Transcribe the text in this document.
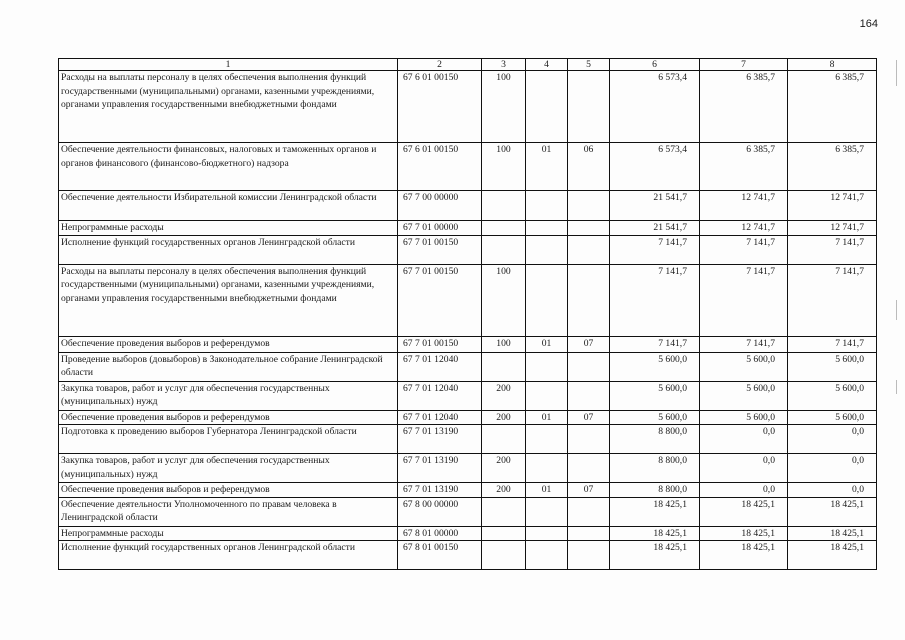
164
1	2	3	4	5	6	7	8
Расходы на выплаты персоналу в целях обеспечения выполнения функций государственными (муниципальными) органами, казенными учреждениями, органами управления государственными внебюджетными фондами	67 6 01 00150	100			6 573,4	6 385,7	6 385,7
Обеспечение деятельности финансовых, налоговых и таможенных органов и органов финансового (финансово-бюджетного) надзора	67 6 01 00150	100	01	06	6 573,4	6 385,7	6 385,7
Обеспечение деятельности Избирательной комиссии Ленинградской области	67 7 00 00000				21 541,7	12 741,7	12 741,7
Непрограммные расходы	67 7 01 00000				21 541,7	12 741,7	12 741,7
Исполнение функций государственных органов Ленинградской области	67 7 01 00150				7 141,7	7 141,7	7 141,7
Расходы на выплаты персоналу в целях обеспечения выполнения функций государственными (муниципальными) органами, казенными учреждениями, органами управления государственными внебюджетными фондами	67 7 01 00150	100			7 141,7	7 141,7	7 141,7
Обеспечение проведения выборов и референдумов	67 7 01 00150	100	01	07	7 141,7	7 141,7	7 141,7
Проведение выборов (довыборов) в Законодательное собрание Ленинградской области	67 7 01 12040				5 600,0	5 600,0	5 600,0
Закупка товаров, работ и услуг для обеспечения государственных (муниципальных) нужд	67 7 01 12040	200			5 600,0	5 600,0	5 600,0
Обеспечение проведения выборов и референдумов	67 7 01 12040	200	01	07	5 600,0	5 600,0	5 600,0
Подготовка к проведению выборов Губернатора Ленинградской области	67 7 01 13190				8 800,0	0,0	0,0
Закупка товаров, работ и услуг для обеспечения государственных (муниципальных) нужд	67 7 01 13190	200			8 800,0	0,0	0,0
Обеспечение проведения выборов и референдумов	67 7 01 13190	200	01	07	8 800,0	0,0	0,0
Обеспечение деятельности Уполномоченного по правам человека в Ленинградской области	67 8 00 00000				18 425,1	18 425,1	18 425,1
Непрограммные расходы	67 8 01 00000				18 425,1	18 425,1	18 425,1
Исполнение функций государственных органов Ленинградской области	67 8 01 00150				18 425,1	18 425,1	18 425,1
